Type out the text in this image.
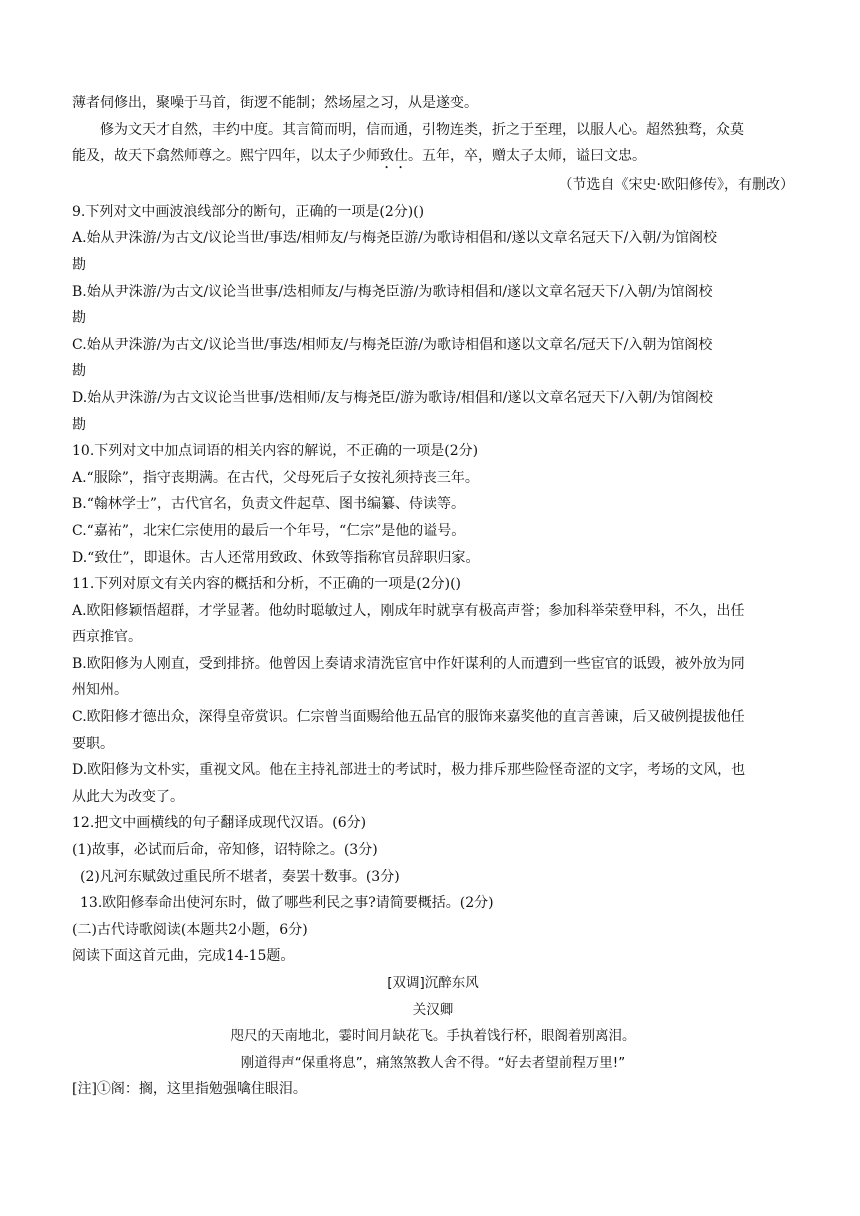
薄者伺修出，聚噪于马首，街逻不能制；然场屋之习，从是遂变。
修为文天才自然，丰约中度。其言简而明，信而通，引物连类，折之于至理，以服人心。超然独骛，众莫
能及，故天下翕然师尊之。熙宁四年，以太子少师致仕。五年，卒，赠太子太师，谥曰文忠。
（节选自《宋史·欧阳修传》，有删改）
9.下列对文中画波浪线部分的断句，正确的一项是(2分)()
A.始从尹洙游/为古文/议论当世/事迭/相师友/与梅尧臣游/为歌诗相倡和/遂以文章名冠天下/入朝/为馆阁校
勘
B.始从尹洙游/为古文/议论当世事/迭相师友/与梅尧臣游/为歌诗相倡和/遂以文章名冠天下/入朝/为馆阁校
勘
C.始从尹洙游/为古文/议论当世/事迭/相师友/与梅尧臣游/为歌诗相倡和遂以文章名/冠天下/入朝为馆阁校
勘
D.始从尹洙游/为古文议论当世事/迭相师/友与梅尧臣/游为歌诗/相倡和/遂以文章名冠天下/入朝/为馆阁校
勘
10.下列对文中加点词语的相关内容的解说，不正确的一项是(2分)
A.“服除”，指守丧期满。在古代，父母死后子女按礼须持丧三年。
B.“翰林学士”，古代官名，负责文件起草、图书编纂、侍读等。
C.“嘉祐”，北宋仁宗使用的最后一个年号，“仁宗”是他的谥号。
D.“致仕”，即退休。古人还常用致政、休致等指称官员辞职归家。
11.下列对原文有关内容的概括和分析，不正确的一项是(2分)()
A.欧阳修颖悟超群，才学显著。他幼时聪敏过人，刚成年时就享有极高声誉；参加科举荣登甲科，不久，出任
西京推官。
B.欧阳修为人刚直，受到排挤。他曾因上奏请求清洗宦官中作奸谋利的人而遭到一些宦官的诋毁，被外放为同
州知州。
C.欧阳修才德出众，深得皇帝赏识。仁宗曾当面赐给他五品官的服饰来嘉奖他的直言善谏，后又破例提拔他任
要职。
D.欧阳修为文朴实，重视文风。他在主持礼部进士的考试时，极力排斥那些险怪奇涩的文字，考场的文风，也
从此大为改变了。
12.把文中画横线的句子翻译成现代汉语。(6分)
(1)故事，必试而后命，帝知修，诏特除之。(3分)
(2)凡河东赋敛过重民所不堪者，奏罢十数事。(3分)
13.欧阳修奉命出使河东时，做了哪些利民之事?请简要概括。(2分)
(二)古代诗歌阅读(本题共2小题，6分)
阅读下面这首元曲，完成14-15题。
[双调]沉醉东风
关汉卿
咫尺的天南地北，霎时间月缺花飞。手执着饯行杯，眼阁着别离泪。
刚道得声“保重将息”，痛煞煞教人舍不得。“好去者望前程万里!”
[注]①阁：搁，这里指勉强噙住眼泪。
